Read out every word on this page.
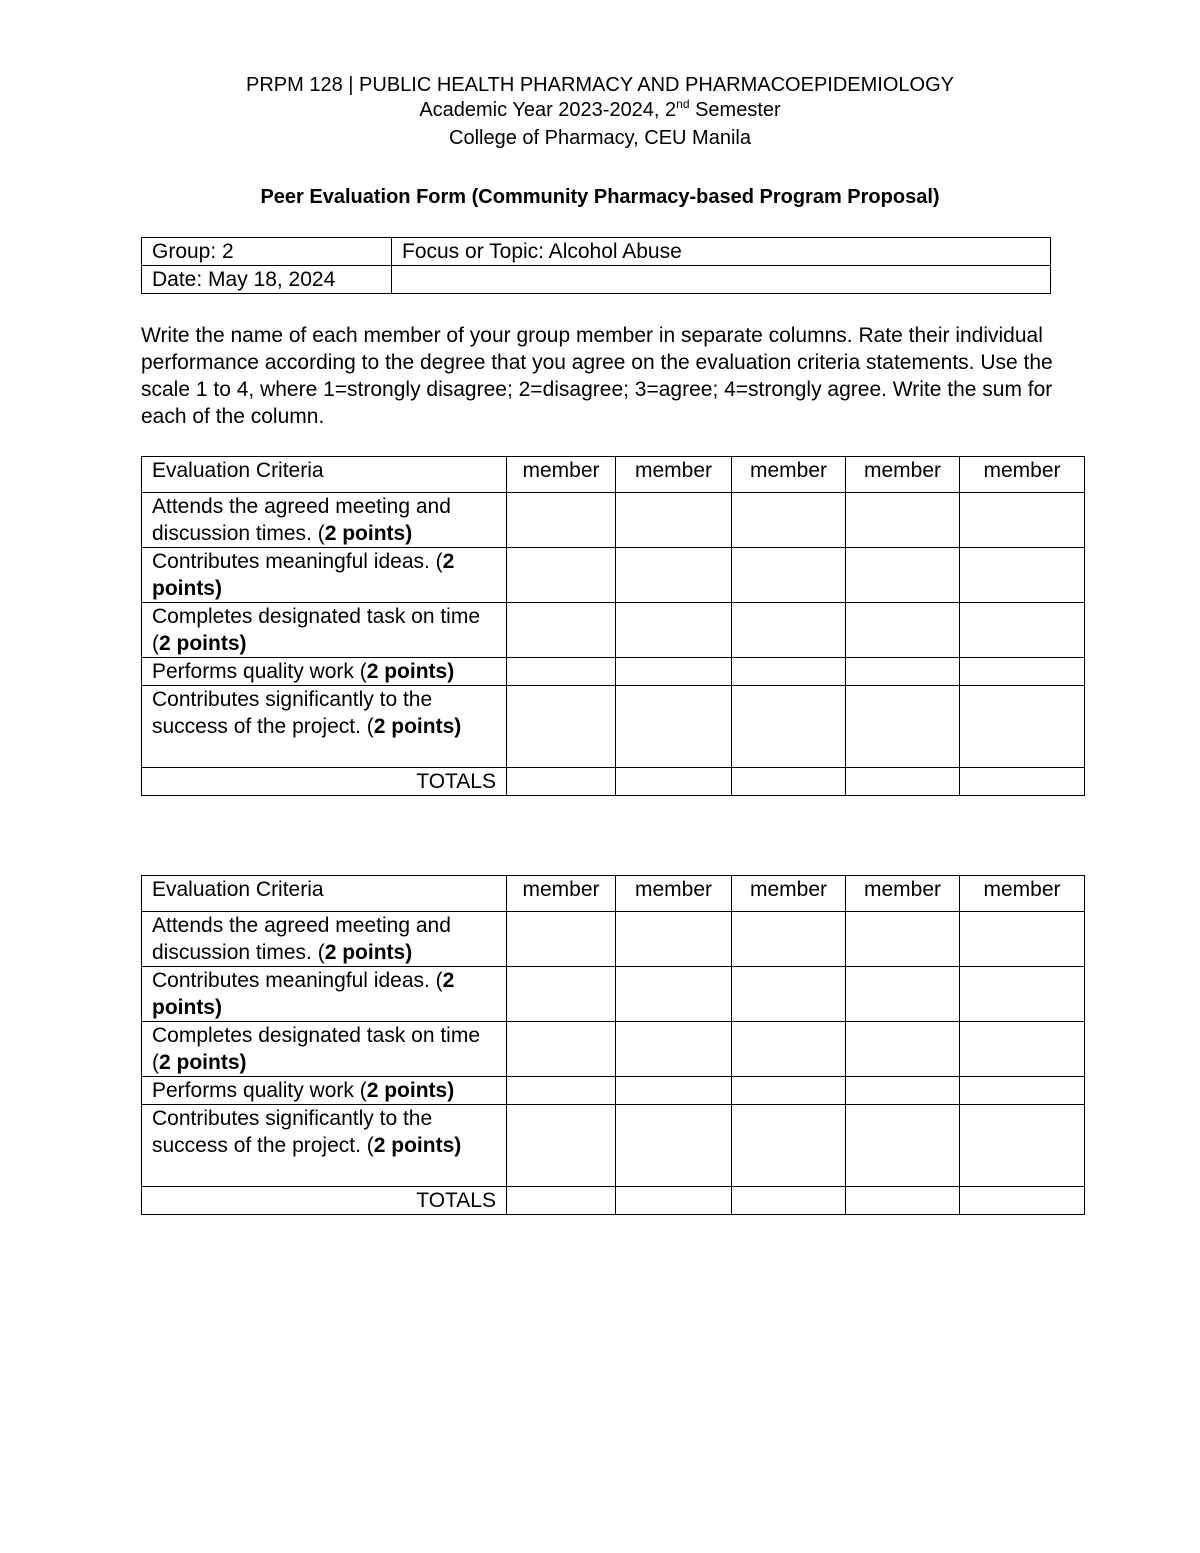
PRPM 128 | PUBLIC HEALTH PHARMACY AND PHARMACOEPIDEMIOLOGY
Academic Year 2023-2024, 2nd Semester
College of Pharmacy, CEU Manila
Peer Evaluation Form (Community Pharmacy-based Program Proposal)
Group: 2	Focus or Topic: Alcohol Abuse
Date: May 18, 2024	
Write the name of each member of your group member in separate columns. Rate their individual performance according to the degree that you agree on the evaluation criteria statements. Use the scale 1 to 4, where 1=strongly disagree; 2=disagree; 3=agree; 4=strongly agree. Write the sum for each of the column.
Evaluation Criteria	member	member	member	member	member
Attends the agreed meeting and discussion times. (2 points)					
Contributes meaningful ideas. (2 points)					
Completes designated task on time (2 points)					
Performs quality work (2 points)					
Contributes significantly to the success of the project. (2 points)					
TOTALS					
Evaluation Criteria	member	member	member	member	member
Attends the agreed meeting and discussion times. (2 points)					
Contributes meaningful ideas. (2 points)					
Completes designated task on time (2 points)					
Performs quality work (2 points)					
Contributes significantly to the success of the project. (2 points)					
TOTALS					
